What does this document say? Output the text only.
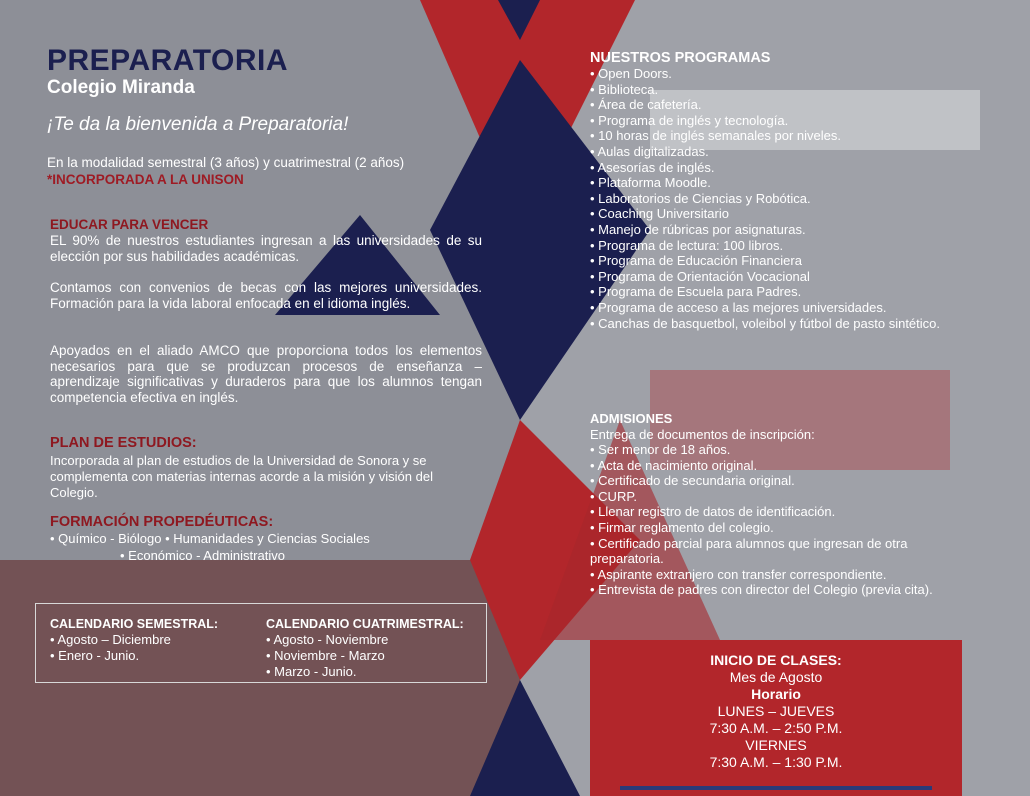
PREPARATORIA
Colegio Miranda
¡Te da la bienvenida a Preparatoria!
En la modalidad semestral (3 años) y cuatrimestral (2 años) *INCORPORADA A LA UNISON
EDUCAR PARA VENCER
EL 90% de nuestros estudiantes ingresan a las universidades de su elección por sus habilidades académicas.
Contamos con convenios de becas con las mejores universidades. Formación para la vida laboral enfocada en el idioma inglés.
Apoyados en el aliado AMCO que proporciona todos los elementos necesarios para que se produzcan procesos de enseñanza – aprendizaje significativas y duraderos para que los alumnos tengan competencia efectiva en inglés.
PLAN DE ESTUDIOS:
Incorporada al plan de estudios de la Universidad de Sonora y se complementa con materias internas acorde a la misión y visión del Colegio.
FORMACIÓN PROPEDÉUTICAS:
• Químico - Biólogo • Humanidades y Ciencias Sociales
• Económico - Administrativo
CALENDARIO SEMESTRAL:
• Agosto – Diciembre
• Enero - Junio.
CALENDARIO CUATRIMESTRAL:
• Agosto - Noviembre
• Noviembre - Marzo
• Marzo - Junio.
NUESTROS PROGRAMAS
• Open Doors.
• Biblioteca.
• Área de cafetería.
• Programa de inglés y tecnología.
• 10 horas de inglés semanales por niveles.
• Aulas digitalizadas.
• Asesorías de inglés.
• Plataforma Moodle.
• Laboratorios de Ciencias y Robótica.
• Coaching Universitario
• Manejo de rúbricas por asignaturas.
• Programa de lectura: 100 libros.
• Programa de Educación Financiera
• Programa de Orientación Vocacional
• Programa de Escuela para Padres.
• Programa de acceso a las mejores universidades.
• Canchas de basquetbol, voleibol y fútbol de pasto sintético.
ADMISIONES
Entrega de documentos de inscripción:
• Ser menor de 18 años.
• Acta de nacimiento original.
• Certificado de secundaria original.
• CURP.
• Llenar registro de datos de identificación.
• Firmar reglamento del colegio.
• Certificado parcial para alumnos que ingresan de otra preparatoria.
• Aspirante extranjero con transfer correspondiente.
• Entrevista de padres con director del Colegio (previa cita).
INICIO DE CLASES:
Mes de Agosto
Horario
LUNES – JUEVES
7:30 A.M. – 2:50 P.M.
VIERNES
7:30 A.M. – 1:30 P.M.
